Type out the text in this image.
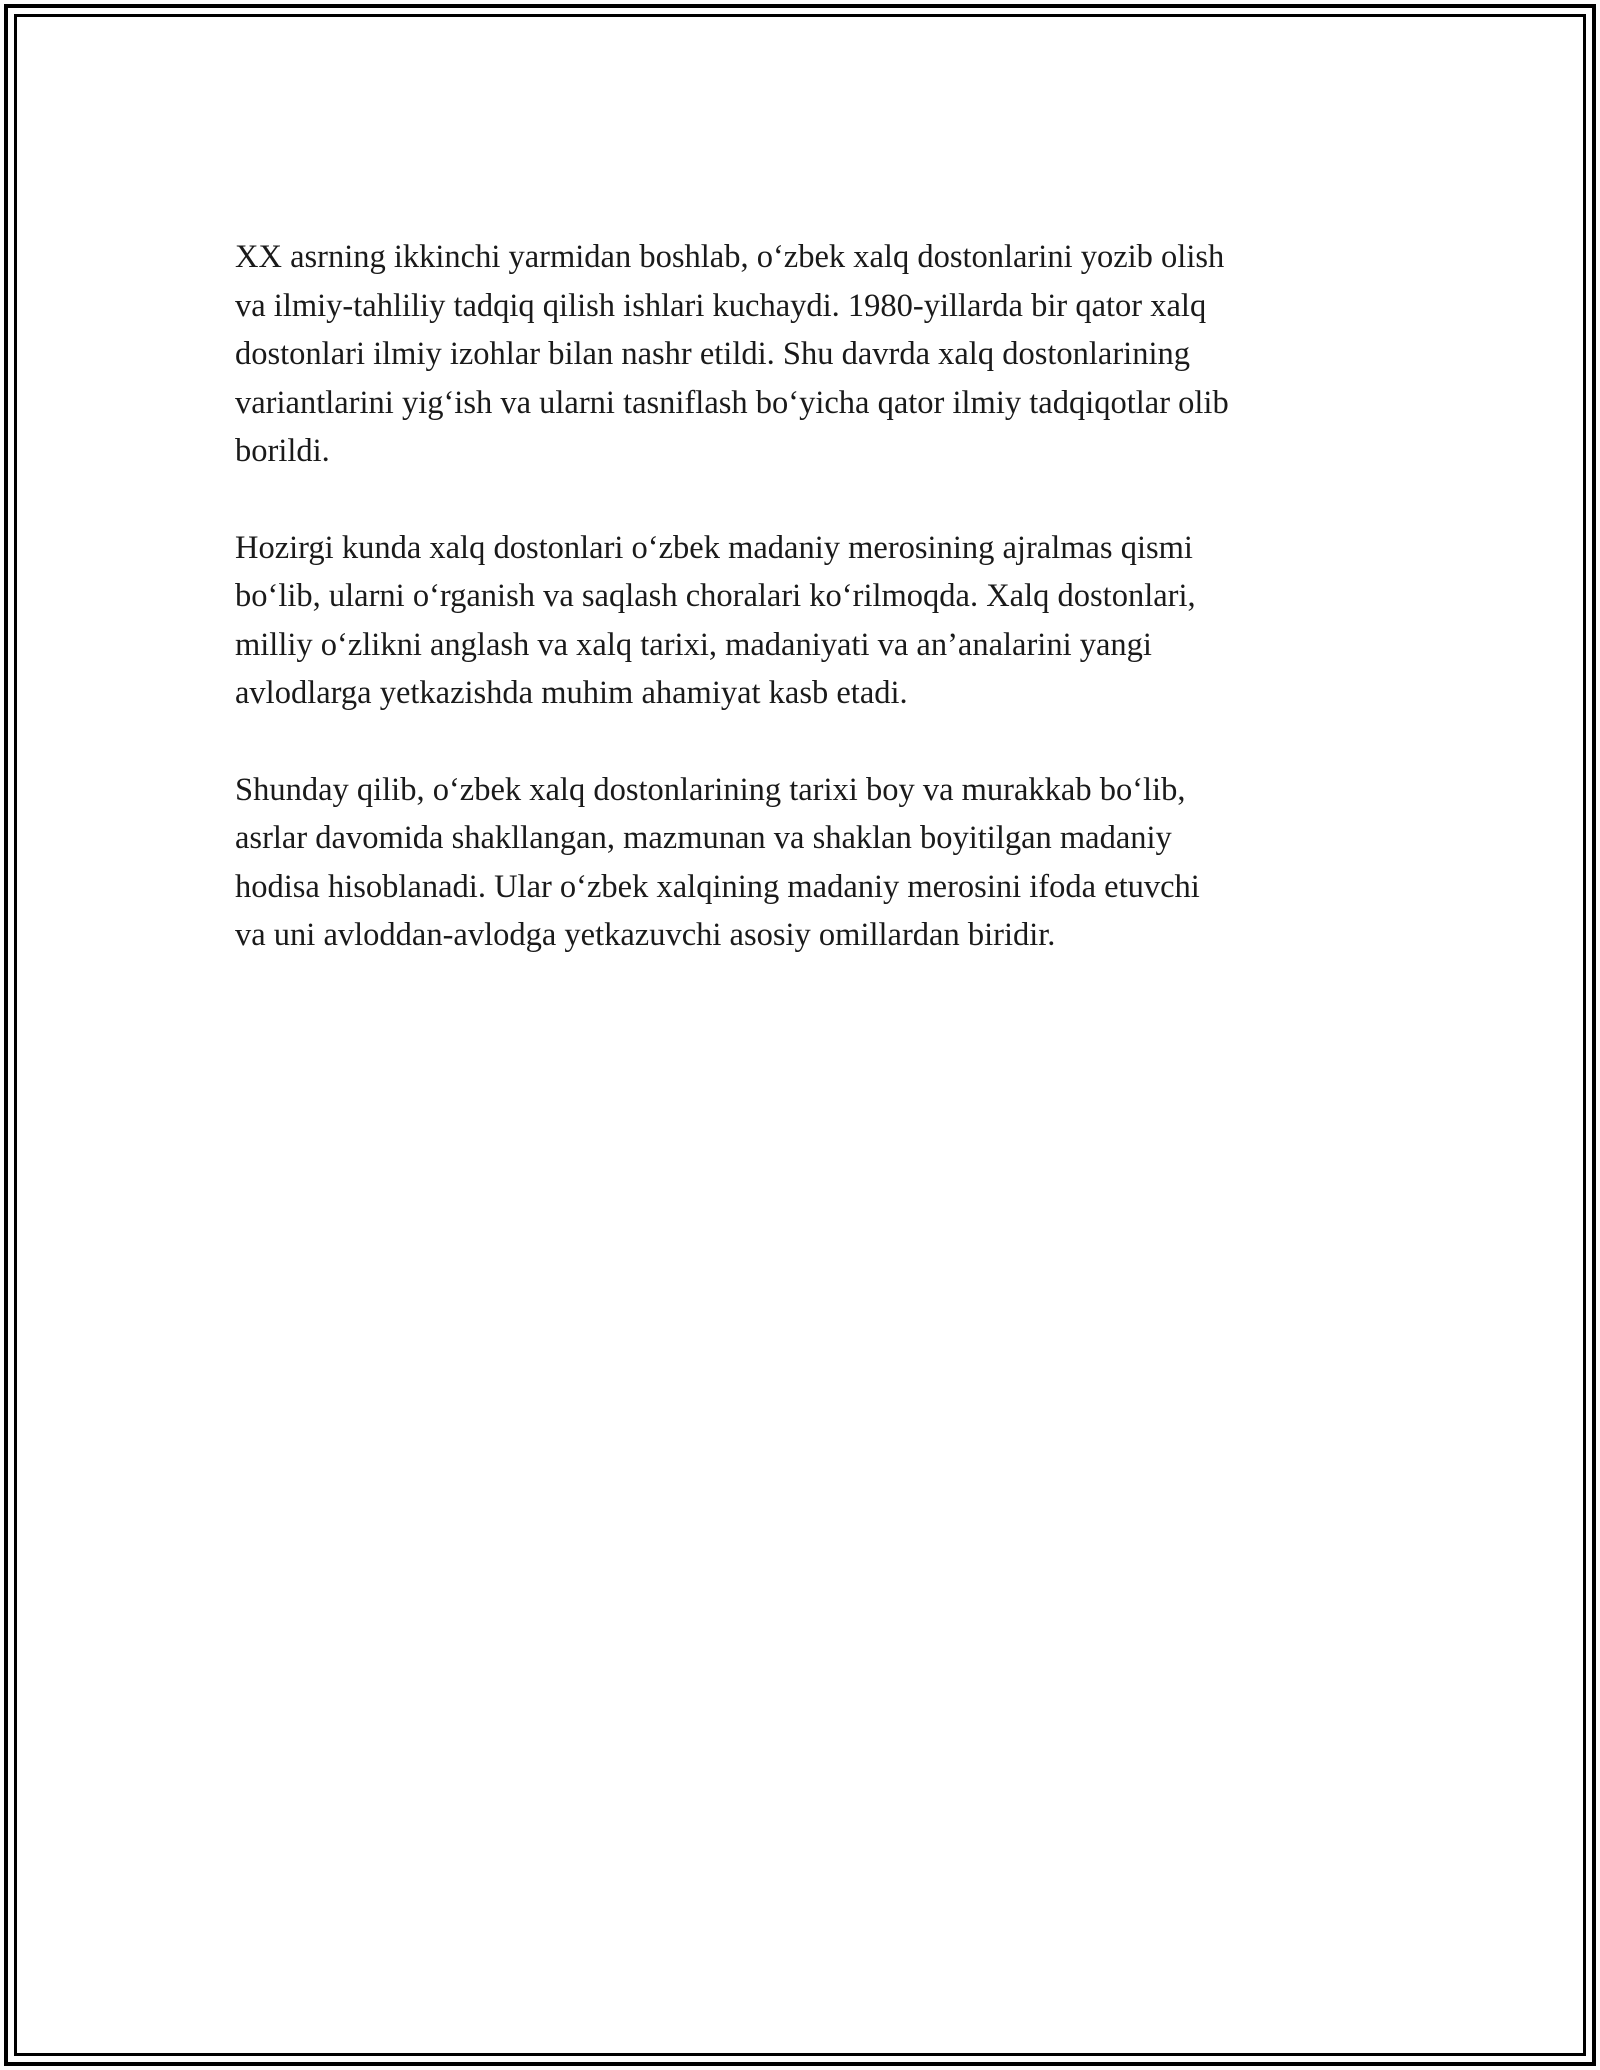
XX asrning ikkinchi yarmidan boshlab, o‘zbek xalq dostonlarini yozib olish
va ilmiy-tahliliy tadqiq qilish ishlari kuchaydi. 1980-yillarda bir qator xalq
dostonlari ilmiy izohlar bilan nashr etildi. Shu davrda xalq dostonlarining
variantlarini yig‘ish va ularni tasniflash bo‘yicha qator ilmiy tadqiqotlar olib
borildi.

Hozirgi kunda xalq dostonlari o‘zbek madaniy merosining ajralmas qismi
bo‘lib, ularni o‘rganish va saqlash choralari ko‘rilmoqda. Xalq dostonlari,
milliy o‘zlikni anglash va xalq tarixi, madaniyati va an’analarini yangi
avlodlarga yetkazishda muhim ahamiyat kasb etadi.

Shunday qilib, o‘zbek xalq dostonlarining tarixi boy va murakkab bo‘lib,
asrlar davomida shakllangan, mazmunan va shaklan boyitilgan madaniy
hodisa hisoblanadi. Ular o‘zbek xalqining madaniy merosini ifoda etuvchi
va uni avloddan-avlodga yetkazuvchi asosiy omillardan biridir.
